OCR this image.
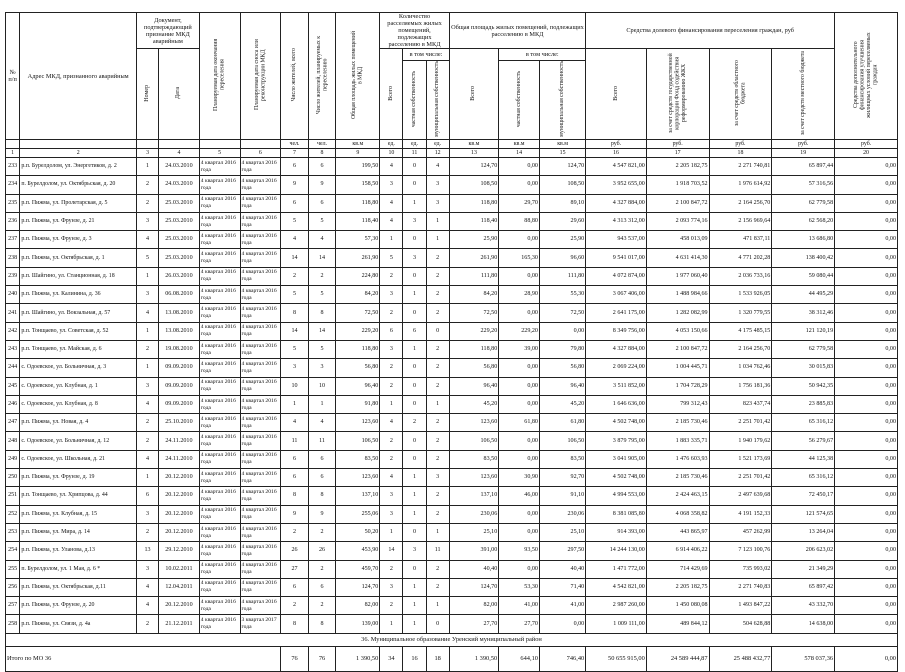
№ п/п	Адрес МКД, признанного аварийным	Документ, подтверждающий признание МКД аварийным		Планируемая дата окончания переселения	Планируемая дата сноса или реконструкции МКД	Число жителей, всего	Число жителей, планируемых к переселению	Общая площадь жилых помещений в МКД	Количество расселяемых жилых помещений, подлежащих расселению в МКД			Общая площадь жилых помещений, подлежащих расселению в МКД			Средства долевого финансирования переселения граждан, руб				Средства дополнительного финансирования улучшения жилищных условий переселяемых граждан
		Номер	Дата						Всего	в том числе:		Всего	в том числе:		Всего	за счет средств государственной корпорации Фонд содействия реформированию ЖКХ	за счет средств областного бюджета	за счет средств местного бюджета	
										частная собственность	муниципальная собственность		частная собственность	муниципальная собственность					
						чел.	чел.	кв.м	ед.	ед.	ед.	кв.м	кв.м	кв.м	руб.	руб.	руб.	руб.	руб.
1	2	3	4	5	6	7	8	9	10	11	12	13	14	15	16	17	18	19	20
233	р.п. Бурелдолом, ул. Энергетиков, д. 2	1	24.03.2010	4 квартал 2016 года	4 квартал 2016 года	6	6	199,50	4	0	4	124,70	0,00	124,70	4 547 821,00	2 205 182,75	2 271 740,81	65 897,44	0,00
234	п. Бурелдолом, ул. Октябрьская, д. 20	2	24.03.2010	4 квартал 2016 года	4 квартал 2016 года	9	9	158,50	3	0	3	108,50	0,00	108,50	3 952 655,00	1 918 703,52	1 976 614,92	57 316,56	0,00
235	р.п. Пижма, ул. Пролетарская, д. 5	2	25.03.2010	4 квартал 2016 года	4 квартал 2016 года	6	6	118,80	4	1	3	118,80	29,70	89,10	4 327 884,00	2 100 847,72	2 164 256,70	62 779,58	0,00
236	р.п. Пижма, ул. Фрунзе, д. 21	3	25.03.2010	4 квартал 2016 года	4 квартал 2016 года	5	5	118,40	4	3	1	118,40	88,80	29,60	4 313 312,00	2 093 774,16	2 156 969,64	62 568,20	0,00
237	р.п. Пижма, ул. Фрунзе, д. 3	4	25.03.2010	4 квартал 2016 года	4 квартал 2016 года	4	4	57,30	1	0	1	25,90	0,00	25,90	943 537,00	458 013,09	471 837,11	13 686,80	0,00
238	р.п. Пижма, ул. Октябрьская, д. 1	5	25.03.2010	4 квартал 2016 года	4 квартал 2016 года	14	14	261,90	5	3	2	261,90	165,30	96,60	9 541 017,00	4 631 414,30	4 771 202,28	138 400,42	0,00
239	р.п. Шайгино, ул. Станционная, д. 18	1	26.03.2010	4 квартал 2016 года	4 квартал 2016 года	2	2	224,80	2	0	2	111,80	0,00	111,80	4 072 874,00	1 977 060,40	2 036 733,16	59 080,44	0,00
240	р.п. Пижма, ул. Калинина, д. 36	3	06.08.2010	4 квартал 2016 года	4 квартал 2016 года	5	5	84,20	3	1	2	84,20	28,90	55,30	3 067 406,00	1 488 984,66	1 533 926,05	44 495,29	0,00
241	р.п. Шайгино, ул. Вокзальная, д. 57	4	13.08.2010	4 квартал 2016 года	4 квартал 2016 года	8	8	72,50	2	0	2	72,50	0,00	72,50	2 641 175,00	1 282 082,99	1 320 779,55	38 312,46	0,00
242	р.п. Тонщаево, ул. Советская, д. 52	1	13.08.2010	4 квартал 2016 года	4 квартал 2016 года	14	14	229,20	6	6	0	229,20	229,20	0,00	8 349 756,00	4 053 150,66	4 175 485,15	121 120,19	0,00
243	р.п. Тонщаево, ул. Майская, д. 6	2	19.08.2010	4 квартал 2016 года	4 квартал 2016 года	5	5	118,80	3	1	2	118,80	39,00	79,80	4 327 884,00	2 100 847,72	2 164 256,70	62 779,58	0,00
244	с. Одоевское, ул. Больничная, д. 3	1	09.09.2010	4 квартал 2016 года	4 квартал 2016 года	3	3	56,80	2	0	2	56,80	0,00	56,80	2 069 224,00	1 004 445,71	1 034 762,46	30 015,83	0,00
245	с. Одоевское, ул. Клубная, д. 1	3	09.09.2010	4 квартал 2016 года	4 квартал 2016 года	10	10	96,40	2	0	2	96,40	0,00	96,40	3 511 852,00	1 704 728,29	1 756 181,36	50 942,35	0,00
246	с. Одоевское, ул. Клубная, д. 8	4	09.09.2010	4 квартал 2016 года	4 квартал 2016 года	1	1	91,80	1	0	1	45,20	0,00	45,20	1 646 636,00	799 312,43	823 437,74	23 885,83	0,00
247	р.п. Пижма, ул. Новая, д. 4	2	25.10.2010	4 квартал 2016 года	4 квартал 2016 года	4	4	123,60	4	2	2	123,60	61,80	61,80	4 502 748,00	2 185 730,46	2 251 701,42	65 316,12	0,00
248	с. Одоевское, ул. Больничная, д. 12	2	24.11.2010	4 квартал 2016 года	4 квартал 2016 года	11	11	106,50	2	0	2	106,50	0,00	106,50	3 879 795,00	1 883 335,71	1 940 179,62	56 279,67	0,00
249	с. Одоевское, ул. Школьная, д. 21	4	24.11.2010	4 квартал 2016 года	4 квартал 2016 года	6	6	83,50	2	0	2	83,50	0,00	83,50	3 041 905,00	1 476 603,93	1 521 173,69	44 125,38	0,00
250	р.п. Пижма, ул. Фрунзе, д. 19	1	20.12.2010	4 квартал 2016 года	4 квартал 2016 года	6	6	123,60	4	1	3	123,60	30,90	92,70	4 502 748,00	2 185 730,46	2 251 701,42	65 316,12	0,00
251	р.п. Тонщаево, ул. Хрипцова, д. 44	6	20.12.2010	4 квартал 2016 года	4 квартал 2016 года	8	8	137,10	3	1	2	137,10	46,00	91,10	4 994 553,00	2 424 463,15	2 497 639,68	72 450,17	0,00
252	р.п. Пижма, ул. Клубная, д. 15	3	20.12.2010	4 квартал 2016 года	4 квартал 2016 года	9	9	255,06	3	1	2	230,06	0,00	230,06	8 381 085,80	4 068 358,82	4 191 152,33	121 574,65	0,00
253	р.п. Пижма, ул. Мира, д. 14	2	20.12.2010	4 квартал 2016 года	4 квартал 2016 года	2	2	50,20	1	0	1	25,10	0,00	25,10	914 393,00	443 865,97	457 262,99	13 264,04	0,00
254	р.п. Пижма, ул. Уланова, д.13	13	29.12.2010	4 квартал 2016 года	4 квартал 2016 года	26	26	453,90	14	3	11	391,00	93,50	297,50	14 244 130,00	6 914 406,22	7 123 100,76	206 623,02	0,00
255	п. Бурелдолом, ул. 1 Мая, д. 6 *	3	10.02.2011	4 квартал 2016 года	4 квартал 2016 года	27	2	459,70	2	0	2	40,40	0,00	40,40	1 471 772,00	714 429,69	735 993,02	21 349,29	0,00
256	р.п. Пижма, ул. Октябрьская, д.11	4	12.04.2011	4 квартал 2016 года	4 квартал 2016 года	6	6	124,70	3	1	2	124,70	53,30	71,40	4 542 821,00	2 205 182,75	2 271 740,83	65 897,42	0,00
257	р.п. Пижма, ул. Фрунзе, д. 20	4	20.12.2010	4 квартал 2016 года	4 квартал 2016 года	2	2	82,00	2	1	1	82,00	41,00	41,00	2 987 260,00	1 450 080,08	1 493 847,22	43 332,70	0,00
258	р.п. Пижма, ул. Связи, д. 4а	2	21.12.2011	4 квартал 2016 года	3 квартал 2017 года	8	8	139,00	1	1	0	27,70	27,70	0,00	1 009 111,00	489 844,12	504 628,88	14 638,00	0,00
36. Муниципальное образование Уренский муниципальный район																			
Итого по МО 36						76	76	1 390,50	34	16	18	1 390,50	644,10	746,40	50 655 915,00	24 589 444,87	25 488 432,77	578 037,36	0,00
